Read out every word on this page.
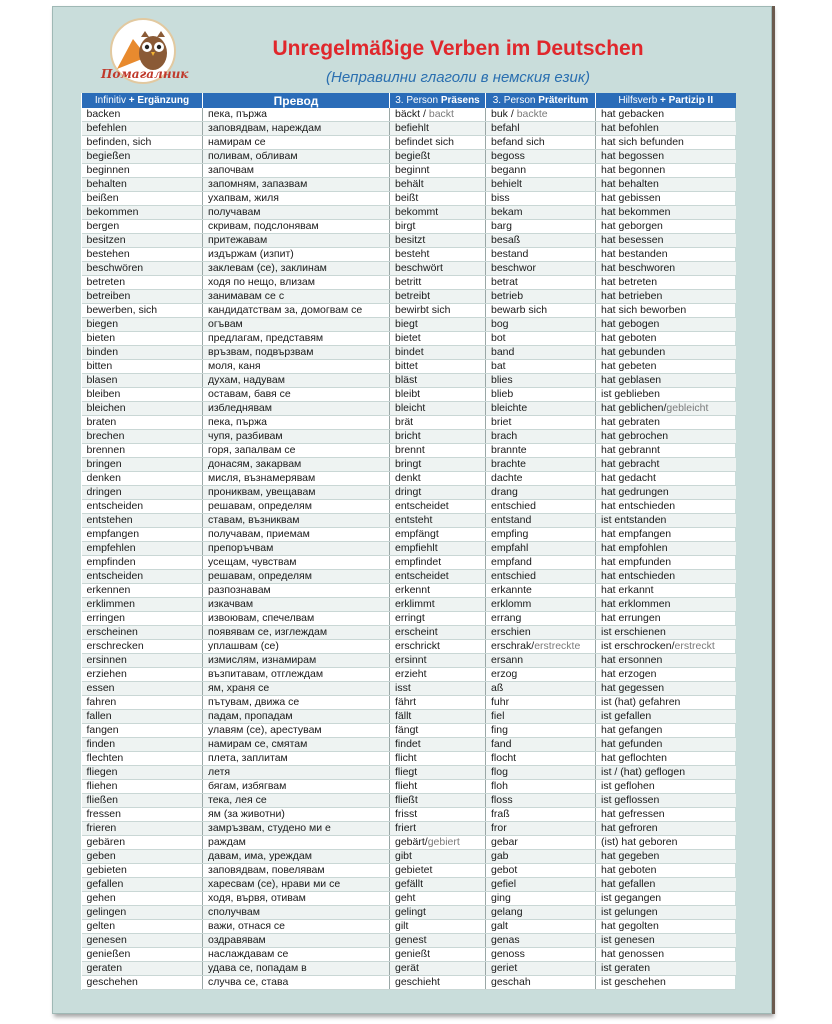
Помагалник
Unregelmäßige Verben im Deutschen
(Неправилни глаголи в немския език)
Infinitiv + Ergänzung	Превод	3. Person Präsens	3. Person Präteritum	Hilfsverb + Partizip II
backen	пека, пържа	bäckt / backt	buk / backte	hat gebacken
befehlen	заповядвам, нареждам	befiehlt	befahl	hat befohlen
befinden, sich	намирам се	befindet sich	befand sich	hat sich befunden
begießen	поливам, обливам	begießt	begoss	hat begossen
beginnen	започвам	beginnt	begann	hat begonnen
behalten	запомням, запазвам	behält	behielt	hat behalten
beißen	ухапвам, жиля	beißt	biss	hat gebissen
bekommen	получавам	bekommt	bekam	hat bekommen
bergen	скривам, подслонявам	birgt	barg	hat geborgen
besitzen	притежавам	besitzt	besaß	hat besessen
bestehen	издържам (изпит)	besteht	bestand	hat bestanden
beschwören	заклевам (се), заклинам	beschwört	beschwor	hat beschworen
betreten	ходя по нещо, влизам	betritt	betrat	hat betreten
betreiben	занимавам се с	betreibt	betrieb	hat betrieben
bewerben, sich	кандидатствам за, домогвам се	bewirbt sich	bewarb sich	hat sich beworben
biegen	огъвам	biegt	bog	hat gebogen
bieten	предлагам, представям	bietet	bot	hat geboten
binden	връзвам, подвързвам	bindet	band	hat gebunden
bitten	моля, каня	bittet	bat	hat gebeten
blasen	духам, надувам	bläst	blies	hat geblasen
bleiben	оставам, бавя се	bleibt	blieb	ist geblieben
bleichen	избледнявам	bleicht	bleichte	hat geblichen/gebleicht
braten	пека, пържа	brät	briet	hat gebraten
brechen	чупя, разбивам	bricht	brach	hat gebrochen
brennen	горя, запалвам се	brennt	brannte	hat gebrannt
bringen	донасям, закарвам	bringt	brachte	hat gebracht
denken	мисля, възнамерявам	denkt	dachte	hat gedacht
dringen	прониквам, увещавам	dringt	drang	hat gedrungen
entscheiden	решавам, определям	entscheidet	entschied	hat entschieden
entstehen	ставам, възниквам	entsteht	entstand	ist entstanden
empfangen	получавам, приемам	empfängt	empfing	hat empfangen
empfehlen	препоръчвам	empfiehlt	empfahl	hat empfohlen
empfinden	усещам, чувствам	empfindet	empfand	hat empfunden
entscheiden	решавам, определям	entscheidet	entschied	hat entschieden
erkennen	разпознавам	erkennt	erkannte	hat erkannt
erklimmen	изкачвам	erklimmt	erklomm	hat erklommen
erringen	извоювам, спечелвам	erringt	errang	hat errungen
erscheinen	появявам се, изглеждам	erscheint	erschien	ist erschienen
erschrecken	уплашвам (се)	erschrickt	erschrak/erstreckte	ist erschrocken/erstreckt
ersinnen	измислям, изнамирам	ersinnt	ersann	hat ersonnen
erziehen	възпитавам, отглеждам	erzieht	erzog	hat erzogen
essen	ям, храня се	isst	aß	hat gegessen
fahren	пътувам, движа се	fährt	fuhr	ist (hat) gefahren
fallen	падам, пропадам	fällt	fiel	ist gefallen
fangen	улавям (се), арестувам	fängt	fing	hat gefangen
finden	намирам се, смятам	findet	fand	hat gefunden
flechten	плета, заплитам	flicht	flocht	hat geflochten
fliegen	летя	fliegt	flog	ist / (hat) geflogen
fliehen	бягам, избягвам	flieht	floh	ist geflohen
fließen	тека, лея се	fließt	floss	ist geflossen
fressen	ям (за животни)	frisst	fraß	hat gefressen
frieren	замръзвам, студено ми е	friert	fror	hat gefroren
gebären	раждам	gebärt/gebiert	gebar	(ist) hat geboren
geben	давам, има, уреждам	gibt	gab	hat gegeben
gebieten	заповядвам, повелявам	gebietet	gebot	hat geboten
gefallen	харесвам (се), нрави ми се	gefällt	gefiel	hat gefallen
gehen	ходя, вървя, отивам	geht	ging	ist gegangen
gelingen	сполучвам	gelingt	gelang	ist gelungen
gelten	важи, отнася се	gilt	galt	hat gegolten
genesen	оздравявам	genest	genas	ist genesen
genießen	наслаждавам се	genießt	genoss	hat genossen
geraten	удава се, попадам в	gerät	geriet	ist geraten
geschehen	случва се, става	geschieht	geschah	ist geschehen
